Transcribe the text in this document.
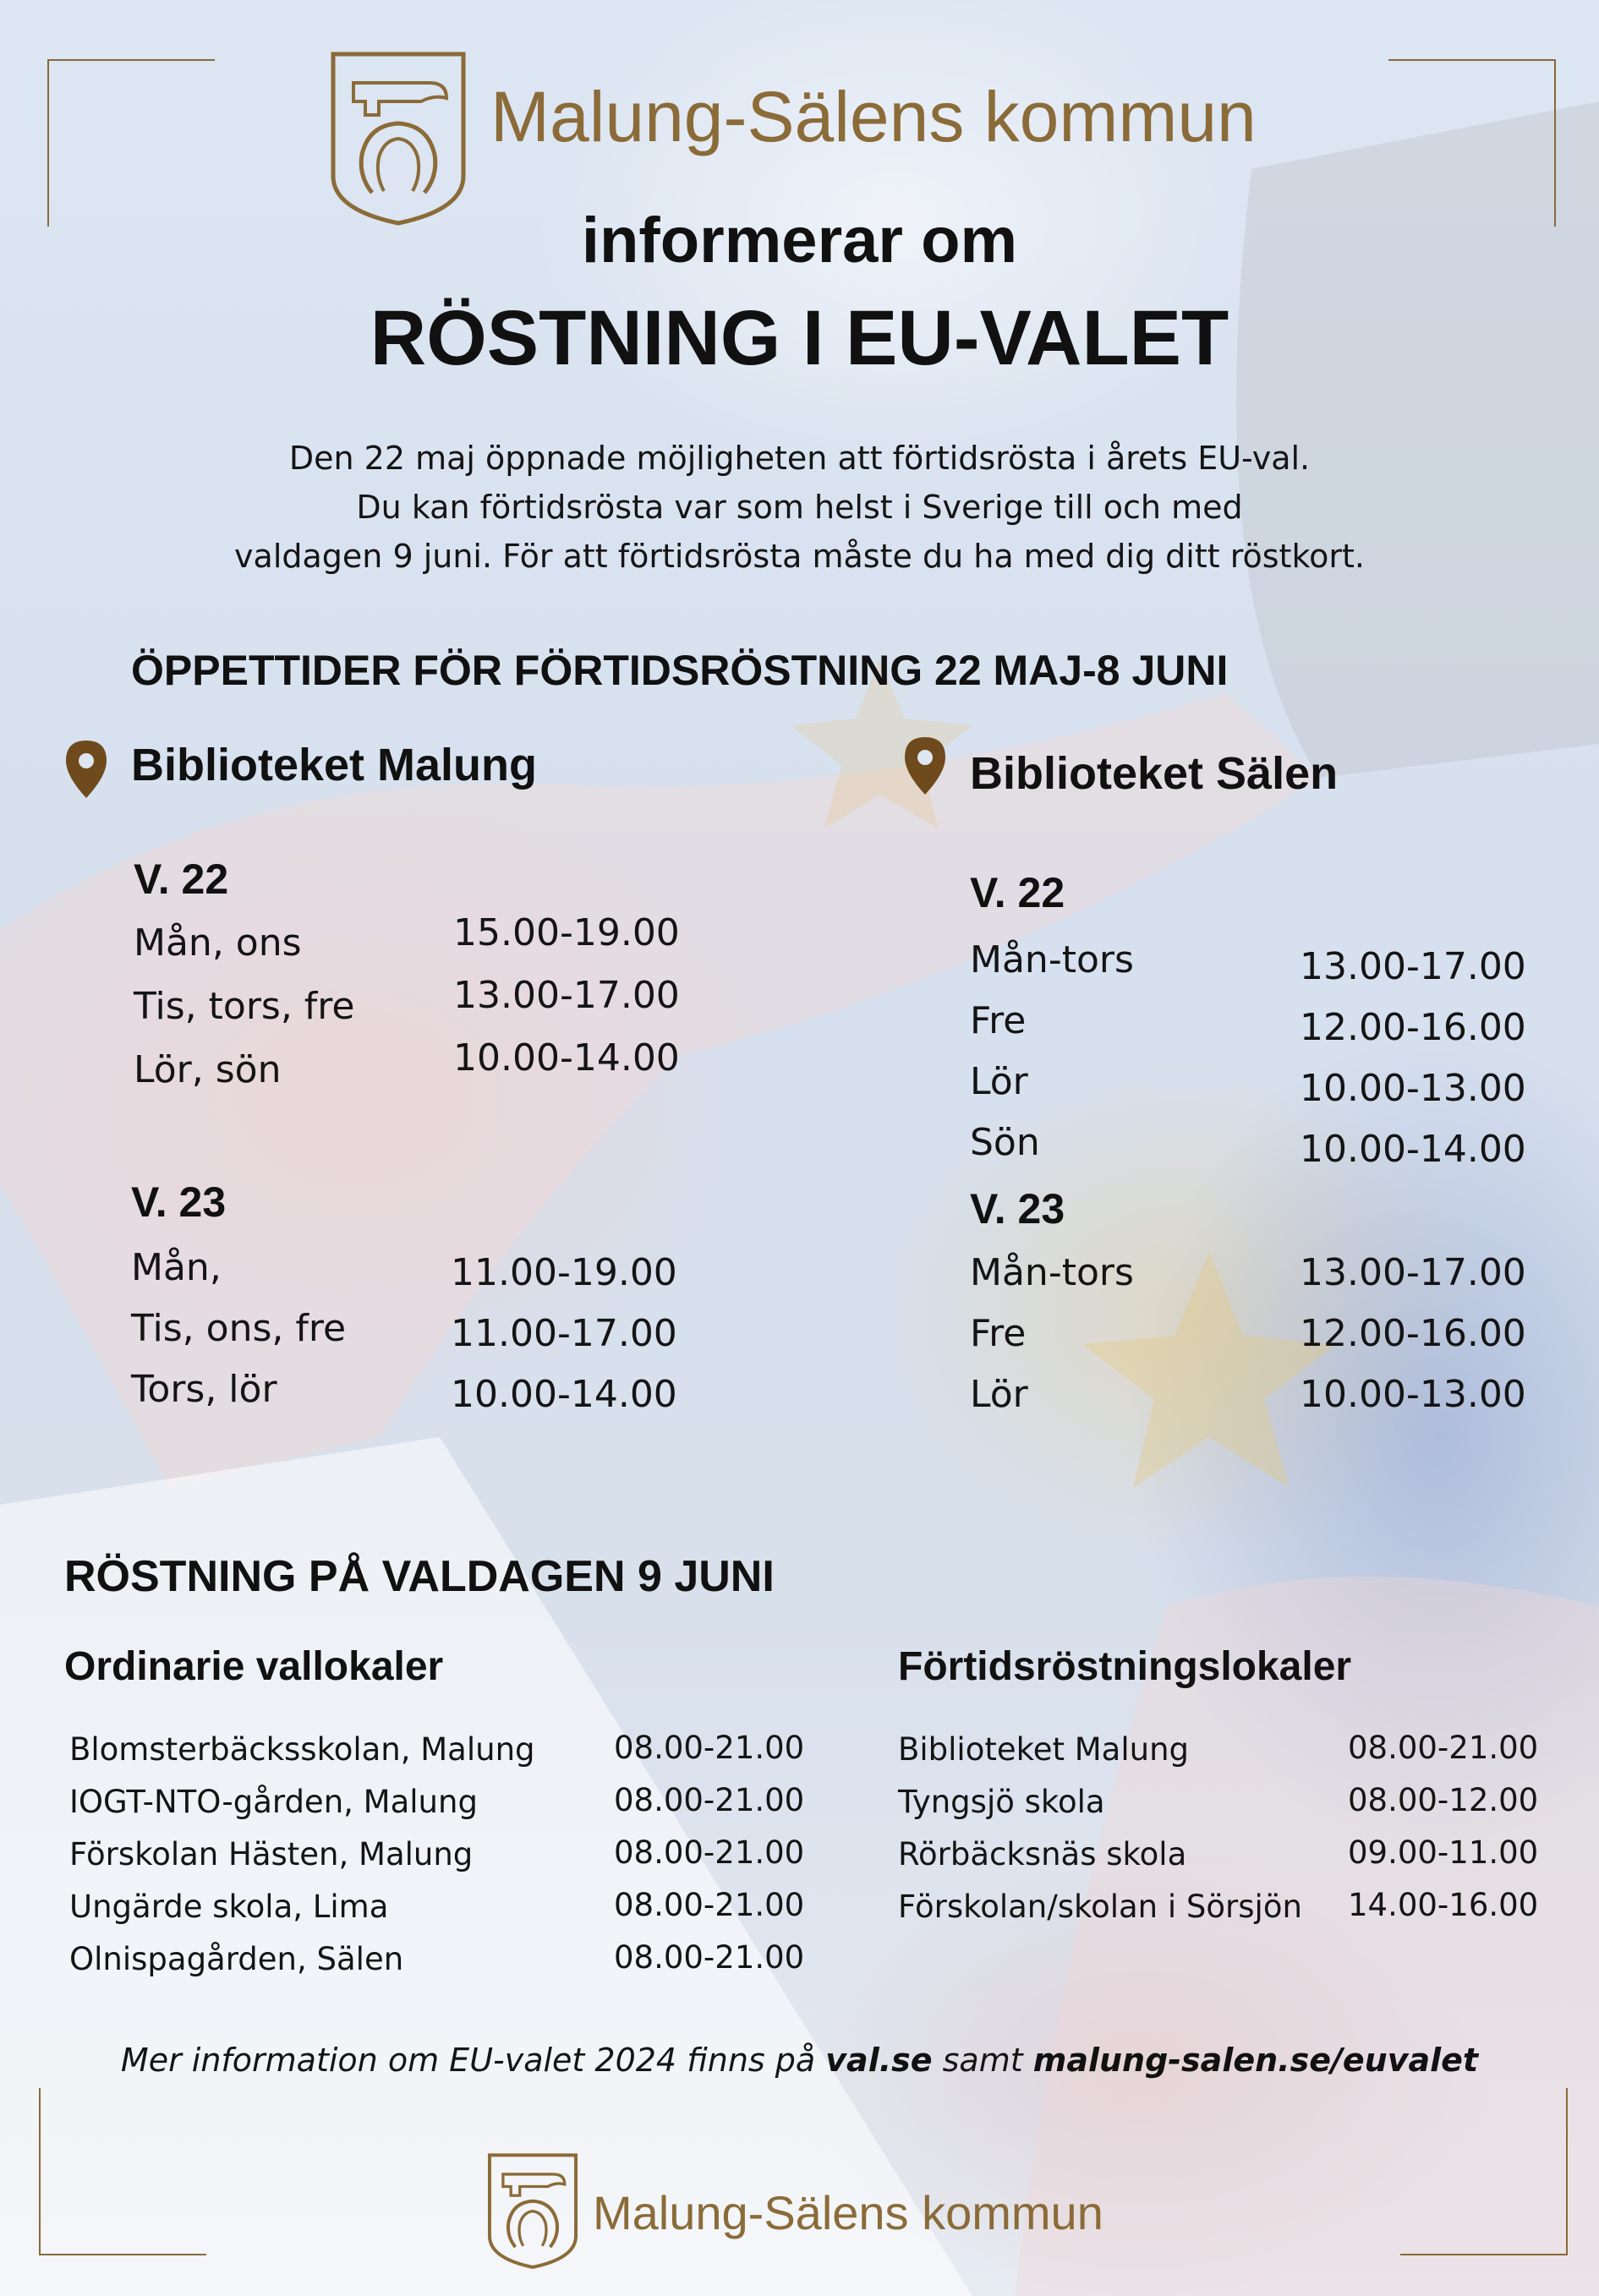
Malung-Sälens kommun
informerar om
RÖSTNING I EU-VALET
Den 22 maj öppnade möjligheten att förtidsrösta i årets EU-val.
Du kan förtidsrösta var som helst i Sverige till och med
valdagen 9 juni. För att förtidsrösta måste du ha med dig ditt röstkort.
ÖPPETTIDER FÖR FÖRTIDSRÖSTNING 22 MAJ-8 JUNI
Biblioteket Malung
V. 22
Mån, ons	15.00-19.00
Tis, tors, fre	13.00-17.00
Lör, sön	10.00-14.00
V. 23
Mån,	11.00-19.00
Tis, ons, fre	11.00-17.00
Tors, lör	10.00-14.00
Biblioteket Sälen
V. 22
Mån-tors	13.00-17.00
Fre	12.00-16.00
Lör	10.00-13.00
Sön	10.00-14.00
V. 23
Mån-tors	13.00-17.00
Fre	12.00-16.00
Lör	10.00-13.00
RÖSTNING PÅ VALDAGEN 9 JUNI
Ordinarie vallokaler
Blomsterbäcksskolan, Malung	08.00-21.00
IOGT-NTO-gården, Malung	08.00-21.00
Förskolan Hästen, Malung	08.00-21.00
Ungärde skola, Lima	08.00-21.00
Olnispagården, Sälen	08.00-21.00
Förtidsröstningslokaler
Biblioteket Malung	08.00-21.00
Tyngsjö skola	08.00-12.00
Rörbäcksnäs skola	09.00-11.00
Förskolan/skolan i Sörsjön 14.00-16.00
Mer information om EU-valet 2024 finns på val.se samt malung-salen.se/euvalet
Malung-Sälens kommun
